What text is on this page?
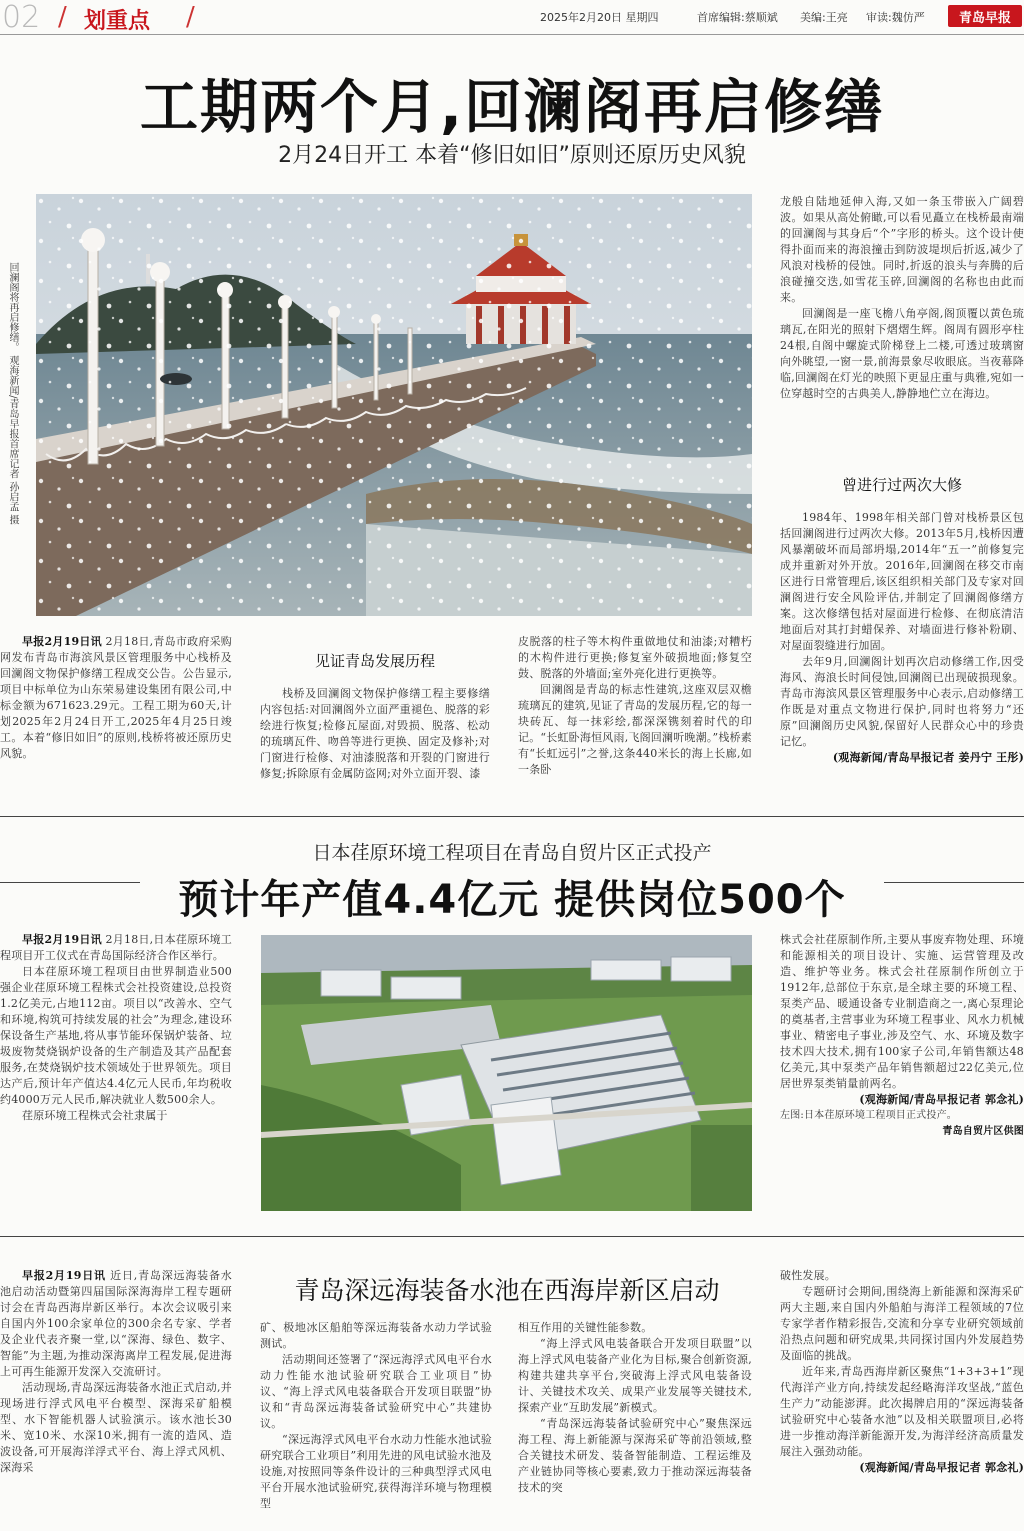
02 / 划重点 /	2025年2月20日 星期四	首席编辑:蔡顺斌 美编:王亮 审读:魏仿严	青岛早报
工期两个月,回澜阁再启修缮
2月24日开工 本着“修旧如旧”原则还原历史风貌
回澜阁将再启修缮。 观海新闻/青岛早报首席记者 孙启孟 摄

早报2月19日讯 2月18日,青岛市政府采购网发布青岛市海滨风景区管理服务中心栈桥及回澜阁文物保护修缮工程成交公告。公告显示,项目中标单位为山东荣易建设集团有限公司,中标金额为671623.29元。工程工期为60天,计划2025年2月24日开工,2025年4月25日竣工。本着“修旧如旧”的原则,栈桥将被还原历史风貌。

见证青岛发展历程

栈桥及回澜阁文物保护修缮工程主要修缮内容包括:对回澜阁外立面严重褪色、脱落的彩绘进行恢复;检修瓦屋面,对毁损、脱落、松动的琉璃瓦件、吻兽等进行更换、固定及修补;对门窗进行检修、对油漆脱落和开裂的门窗进行修复;拆除原有金属防盗网;对外立面开裂、漆

皮脱落的柱子等木构件重做地仗和油漆;对糟朽的木构件进行更换;修复室外破损地面;修复空鼓、脱落的外墙面;室外亮化进行更换等。

回澜阁是青岛的标志性建筑,这座双层双檐琉璃瓦的建筑,见证了青岛的发展历程,它的每一块砖瓦、每一抹彩绘,都深深镌刻着时代的印记。“长虹卧海恒风雨,飞阁回澜听晚潮。”栈桥素有“长虹远引”之誉,这条440米长的海上长廊,如一条卧

龙般自陆地延伸入海,又如一条玉带嵌入广阔碧波。如果从高处俯瞰,可以看见矗立在栈桥最南端的回澜阁与其身后“个”字形的桥头。这个设计使得扑面而来的海浪撞击到防波堤坝后折返,减少了风浪对栈桥的侵蚀。同时,折返的浪头与奔腾的后浪碰撞交迭,如雪花玉碎,回澜阁的名称也由此而来。

回澜阁是一座飞檐八角亭阁,阁顶覆以黄色琉璃瓦,在阳光的照射下熠熠生辉。阁周有圆形亭柱24根,自阁中螺旋式阶梯登上二楼,可透过玻璃窗向外眺望,一窗一景,前海景象尽收眼底。当夜幕降临,回澜阁在灯光的映照下更显庄重与典雅,宛如一位穿越时空的古典美人,静静地伫立在海边。

曾进行过两次大修

1984年、1998年相关部门曾对栈桥景区包括回澜阁进行过两次大修。2013年5月,栈桥因遭风暴潮破坏而局部坍塌,2014年“五一”前修复完成并重新对外开放。2016年,回澜阁在移交市南区进行日常管理后,该区组织相关部门及专家对回澜阁进行安全风险评估,并制定了回澜阁修缮方案。这次修缮包括对屋面进行检修、在彻底清洁地面后对其打封蜡保养、对墙面进行修补粉刷、对屋面裂缝进行加固。

去年9月,回澜阁计划再次启动修缮工作,因受海风、海浪长时间侵蚀,回澜阁已出现破损现象。青岛市海滨风景区管理服务中心表示,启动修缮工作既是对重点文物进行保护,同时也将努力“还原”回澜阁历史风貌,保留好人民群众心中的珍贵记忆。

(观海新闻/青岛早报记者 姜丹宁 王彤)

日本荏原环境工程项目在青岛自贸片区正式投产
预计年产值4.4亿元 提供岗位500个

早报2月19日讯 2月18日,日本荏原环境工程项目开工仪式在青岛国际经济合作区举行。

日本荏原环境工程项目由世界制造业500强企业荏原环境工程株式会社投资建设,总投资1.2亿美元,占地112亩。项目以“改善水、空气和环境,构筑可持续发展的社会”为理念,建设环保设备生产基地,将从事节能环保锅炉装备、垃圾废物焚烧锅炉设备的生产制造及其产品配套服务,在焚烧锅炉技术领域处于世界领先。项目达产后,预计年产值达4.4亿元人民币,年均税收约4000万元人民币,解决就业人数500余人。

荏原环境工程株式会社隶属于

株式会社荏原制作所,主要从事废弃物处理、环境和能源相关的项目设计、实施、运营管理及改造、维护等业务。株式会社荏原制作所创立于1912年,总部位于东京,是全球主要的环境工程、泵类产品、暖通设备专业制造商之一,离心泵理论的奠基者,主营事业为环境工程事业、风水力机械事业、精密电子事业,涉及空气、水、环境及数字技术四大技术,拥有100家子公司,年销售额达48亿美元,其中泵类产品年销售额超过22亿美元,位居世界泵类销量前两名。

(观海新闻/青岛早报记者 郭念礼)

左图:日本荏原环境工程项目正式投产。

青岛自贸片区供图

早报2月19日讯 近日,青岛深远海装备水池启动活动暨第四届国际深海海岸工程专题研讨会在青岛西海岸新区举行。本次会议吸引来自国内外100余家单位的300余名专家、学者及企业代表齐聚一堂,以“深海、绿色、数字、智能”为主题,为推动深海离岸工程发展,促进海上可再生能源开发深入交流研讨。

活动现场,青岛深远海装备水池正式启动,并现场进行浮式风电平台模型、深海采矿船模型、水下智能机器人试验演示。该水池长30米、宽10米、水深10米,拥有一流的造风、造波设备,可开展海洋浮式平台、海上浮式风机、深海采

青岛深远海装备水池在西海岸新区启动

矿、极地冰区船舶等深远海装备水动力学试验测试。

活动期间还签署了“深远海浮式风电平台水动力性能水池试验研究联合工业项目”协议、“海上浮式风电装备联合开发项目联盟”协议和“青岛深远海装备试验研究中心”共建协议。

“深远海浮式风电平台水动力性能水池试验研究联合工业项目”利用先进的风电试验水池及设施,对按照同等条件设计的三种典型浮式风电平台开展水池试验研究,获得海洋环境与物理模型

相互作用的关键性能参数。

“海上浮式风电装备联合开发项目联盟”以海上浮式风电装备产业化为目标,聚合创新资源,构建共建共享平台,突破海上浮式风电装备设计、关键技术攻关、成果产业发展等关键技术,探索产业“互助发展”新模式。

“青岛深远海装备试验研究中心”聚焦深远海工程、海上新能源与深海采矿等前沿领域,整合关键技术研发、装备智能制造、工程运维及产业链协同等核心要素,致力于推动深远海装备技术的突

破性发展。

专题研讨会期间,围绕海上新能源和深海采矿两大主题,来自国内外船舶与海洋工程领域的7位专家学者作精彩报告,交流和分享专业研究领域前沿热点问题和研究成果,共同探讨国内外发展趋势及面临的挑战。

近年来,青岛西海岸新区聚焦“1+3+3+1”现代海洋产业方向,持续发起经略海洋攻坚战,“蓝色生产力”动能澎湃。此次揭牌启用的“深远海装备试验研究中心装备水池”以及相关联盟项目,必将进一步推动海洋新能源开发,为海洋经济高质量发展注入强劲动能。

(观海新闻/青岛早报记者 郭念礼)
